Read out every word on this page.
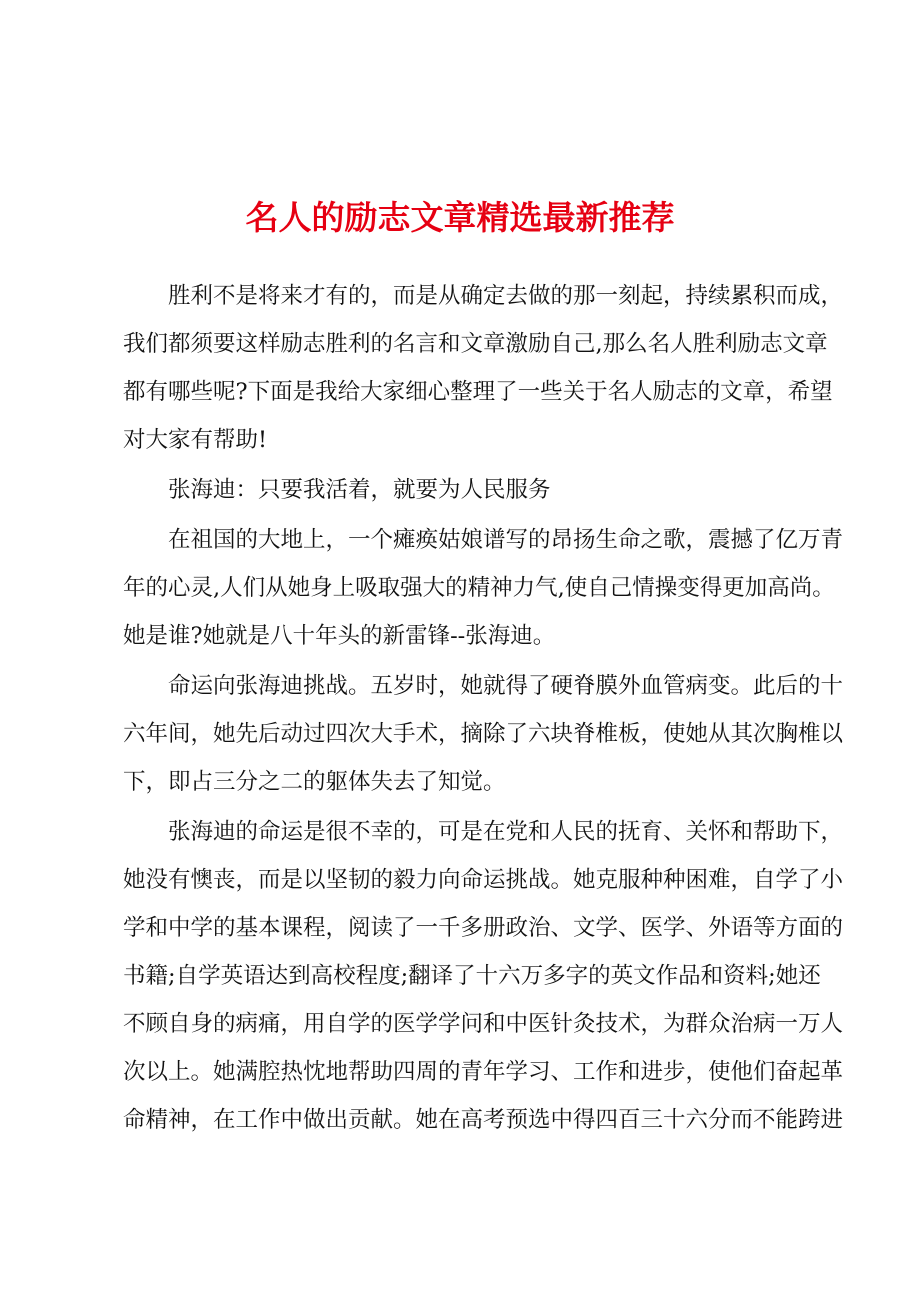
名人的励志文章精选最新推荐
胜利不是将来才有的，而是从确定去做的那一刻起，持续累积而成，
我们都须要这样励志胜利的名言和文章激励自己,那么名人胜利励志文章
都有哪些呢?下面是我给大家细心整理了一些关于名人励志的文章，希望
对大家有帮助!
张海迪：只要我活着，就要为人民服务
在祖国的大地上，一个瘫痪姑娘谱写的昂扬生命之歌，震撼了亿万青
年的心灵,人们从她身上吸取强大的精神力气,使自己情操变得更加高尚。
她是谁?她就是八十年头的新雷锋--张海迪。
命运向张海迪挑战。五岁时，她就得了硬脊膜外血管病变。此后的十
六年间，她先后动过四次大手术，摘除了六块脊椎板，使她从其次胸椎以
下，即占三分之二的躯体失去了知觉。
张海迪的命运是很不幸的，可是在党和人民的抚育、关怀和帮助下，
她没有懊丧，而是以坚韧的毅力向命运挑战。她克服种种困难，自学了小
学和中学的基本课程，阅读了一千多册政治、文学、医学、外语等方面的
书籍;自学英语达到高校程度;翻译了十六万多字的英文作品和资料;她还
不顾自身的病痛，用自学的医学学问和中医针灸技术，为群众治病一万人
次以上。她满腔热忱地帮助四周的青年学习、工作和进步，使他们奋起革
命精神，在工作中做出贡献。她在高考预选中得四百三十六分而不能跨进
